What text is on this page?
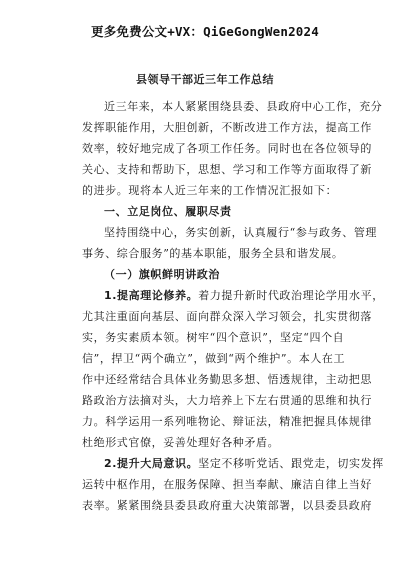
更多免费公文+VX：QiGeGongWen2024
县领导干部近三年工作总结
近三年来，本人紧紧围绕县委、县政府中心工作，充分
发挥职能作用，大胆创新，不断改进工作方法，提高工作
效率，较好地完成了各项工作任务。同时也在各位领导的
关心、支持和帮助下，思想、学习和工作等方面取得了新
的进步。现将本人近三年来的工作情况汇报如下：
一、立足岗位、履职尽责
坚持围绕中心，务实创新，认真履行“参与政务、管理
事务、综合服务”的基本职能，服务全县和谐发展。
（一）旗帜鲜明讲政治
1.提高理论修养。着力提升新时代政治理论学用水平，
尤其注重面向基层、面向群众深入学习领会，扎实贯彻落
实，务实素质本领。树牢“四个意识”，坚定“四个自
信”，捍卫“两个确立”，做到“两个维护”。本人在工
作中还经常结合具体业务勤思多想、悟透规律，主动把思
路政治方法摘对头，大力培养上下左右贯通的思维和执行
力。科学运用一系列唯物论、辩证法，精准把握具体规律
杜绝形式官僚，妥善处理好各种矛盾。
2.提升大局意识。坚定不移听党话、跟党走，切实发挥
运转中枢作用，在服务保障、担当奉献、廉洁自律上当好
表率。紧紧围绕县委县政府重大决策部署，以县委县政府
